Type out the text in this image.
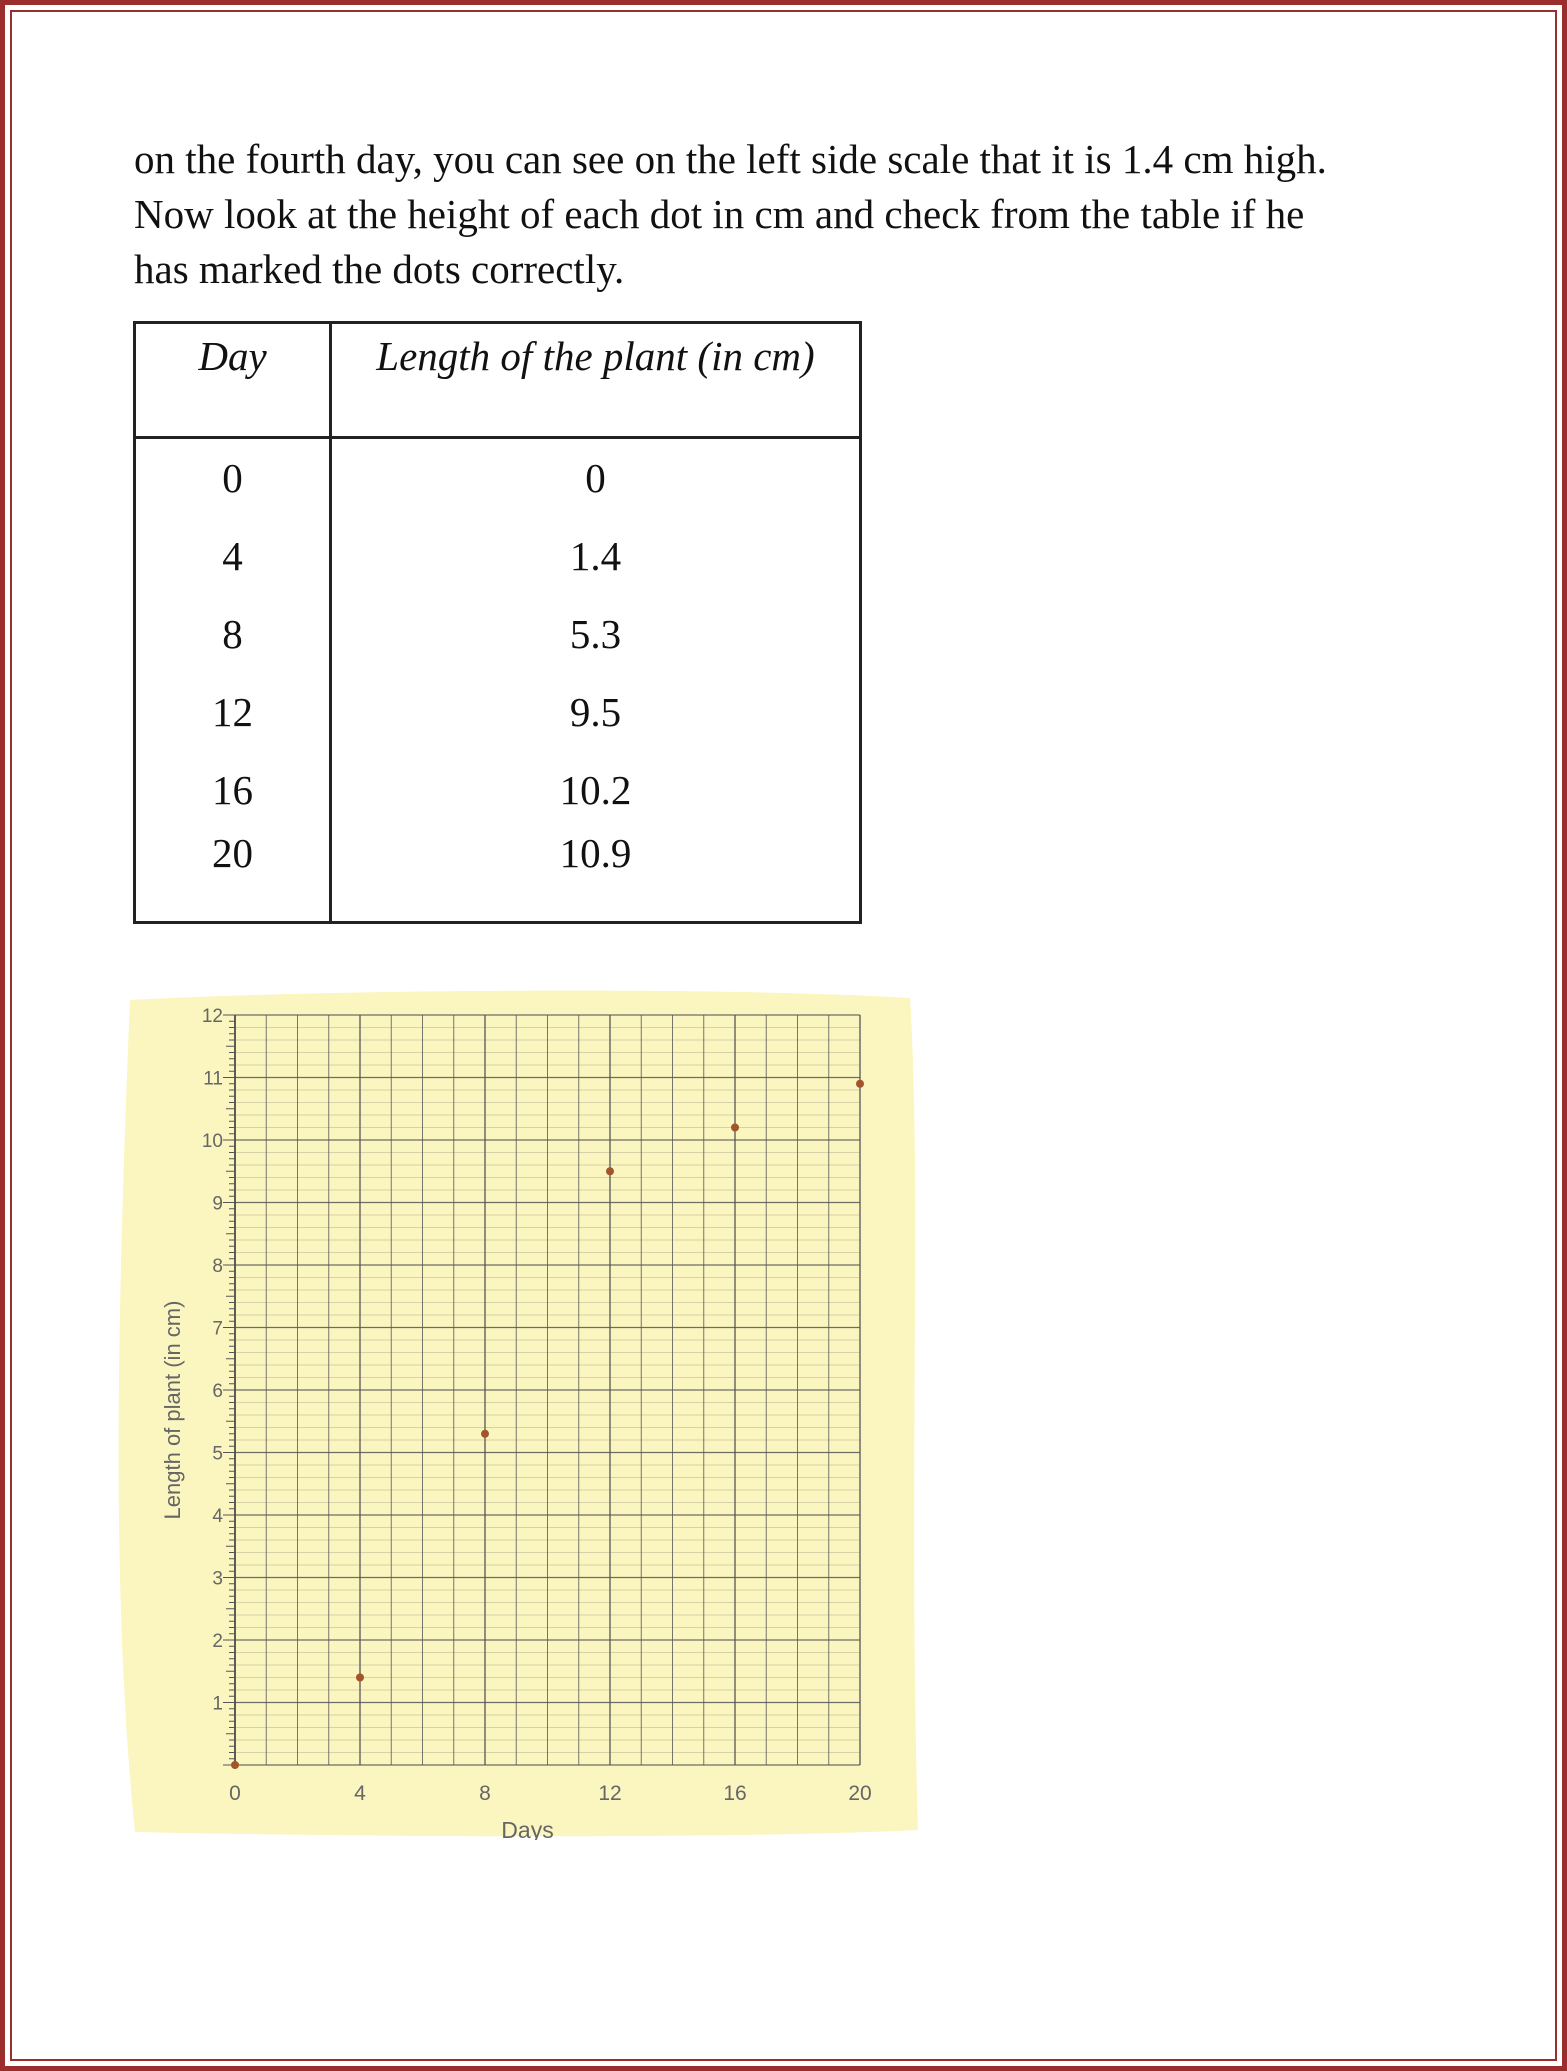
on the fourth day, you can see on the left side scale that it is 1.4 cm high.
Now look at the height of each dot in cm and check from the table if he
has marked the dots correctly.

Day	Length of the plant (in cm)
0	0
4	1.4
8	5.3
12	9.5
16	10.2

20	10.9
1
2
3
4
5
6
7
8
9
10
11
12
0	4	8	12	16	20
Days
Length of plant (in cm)
